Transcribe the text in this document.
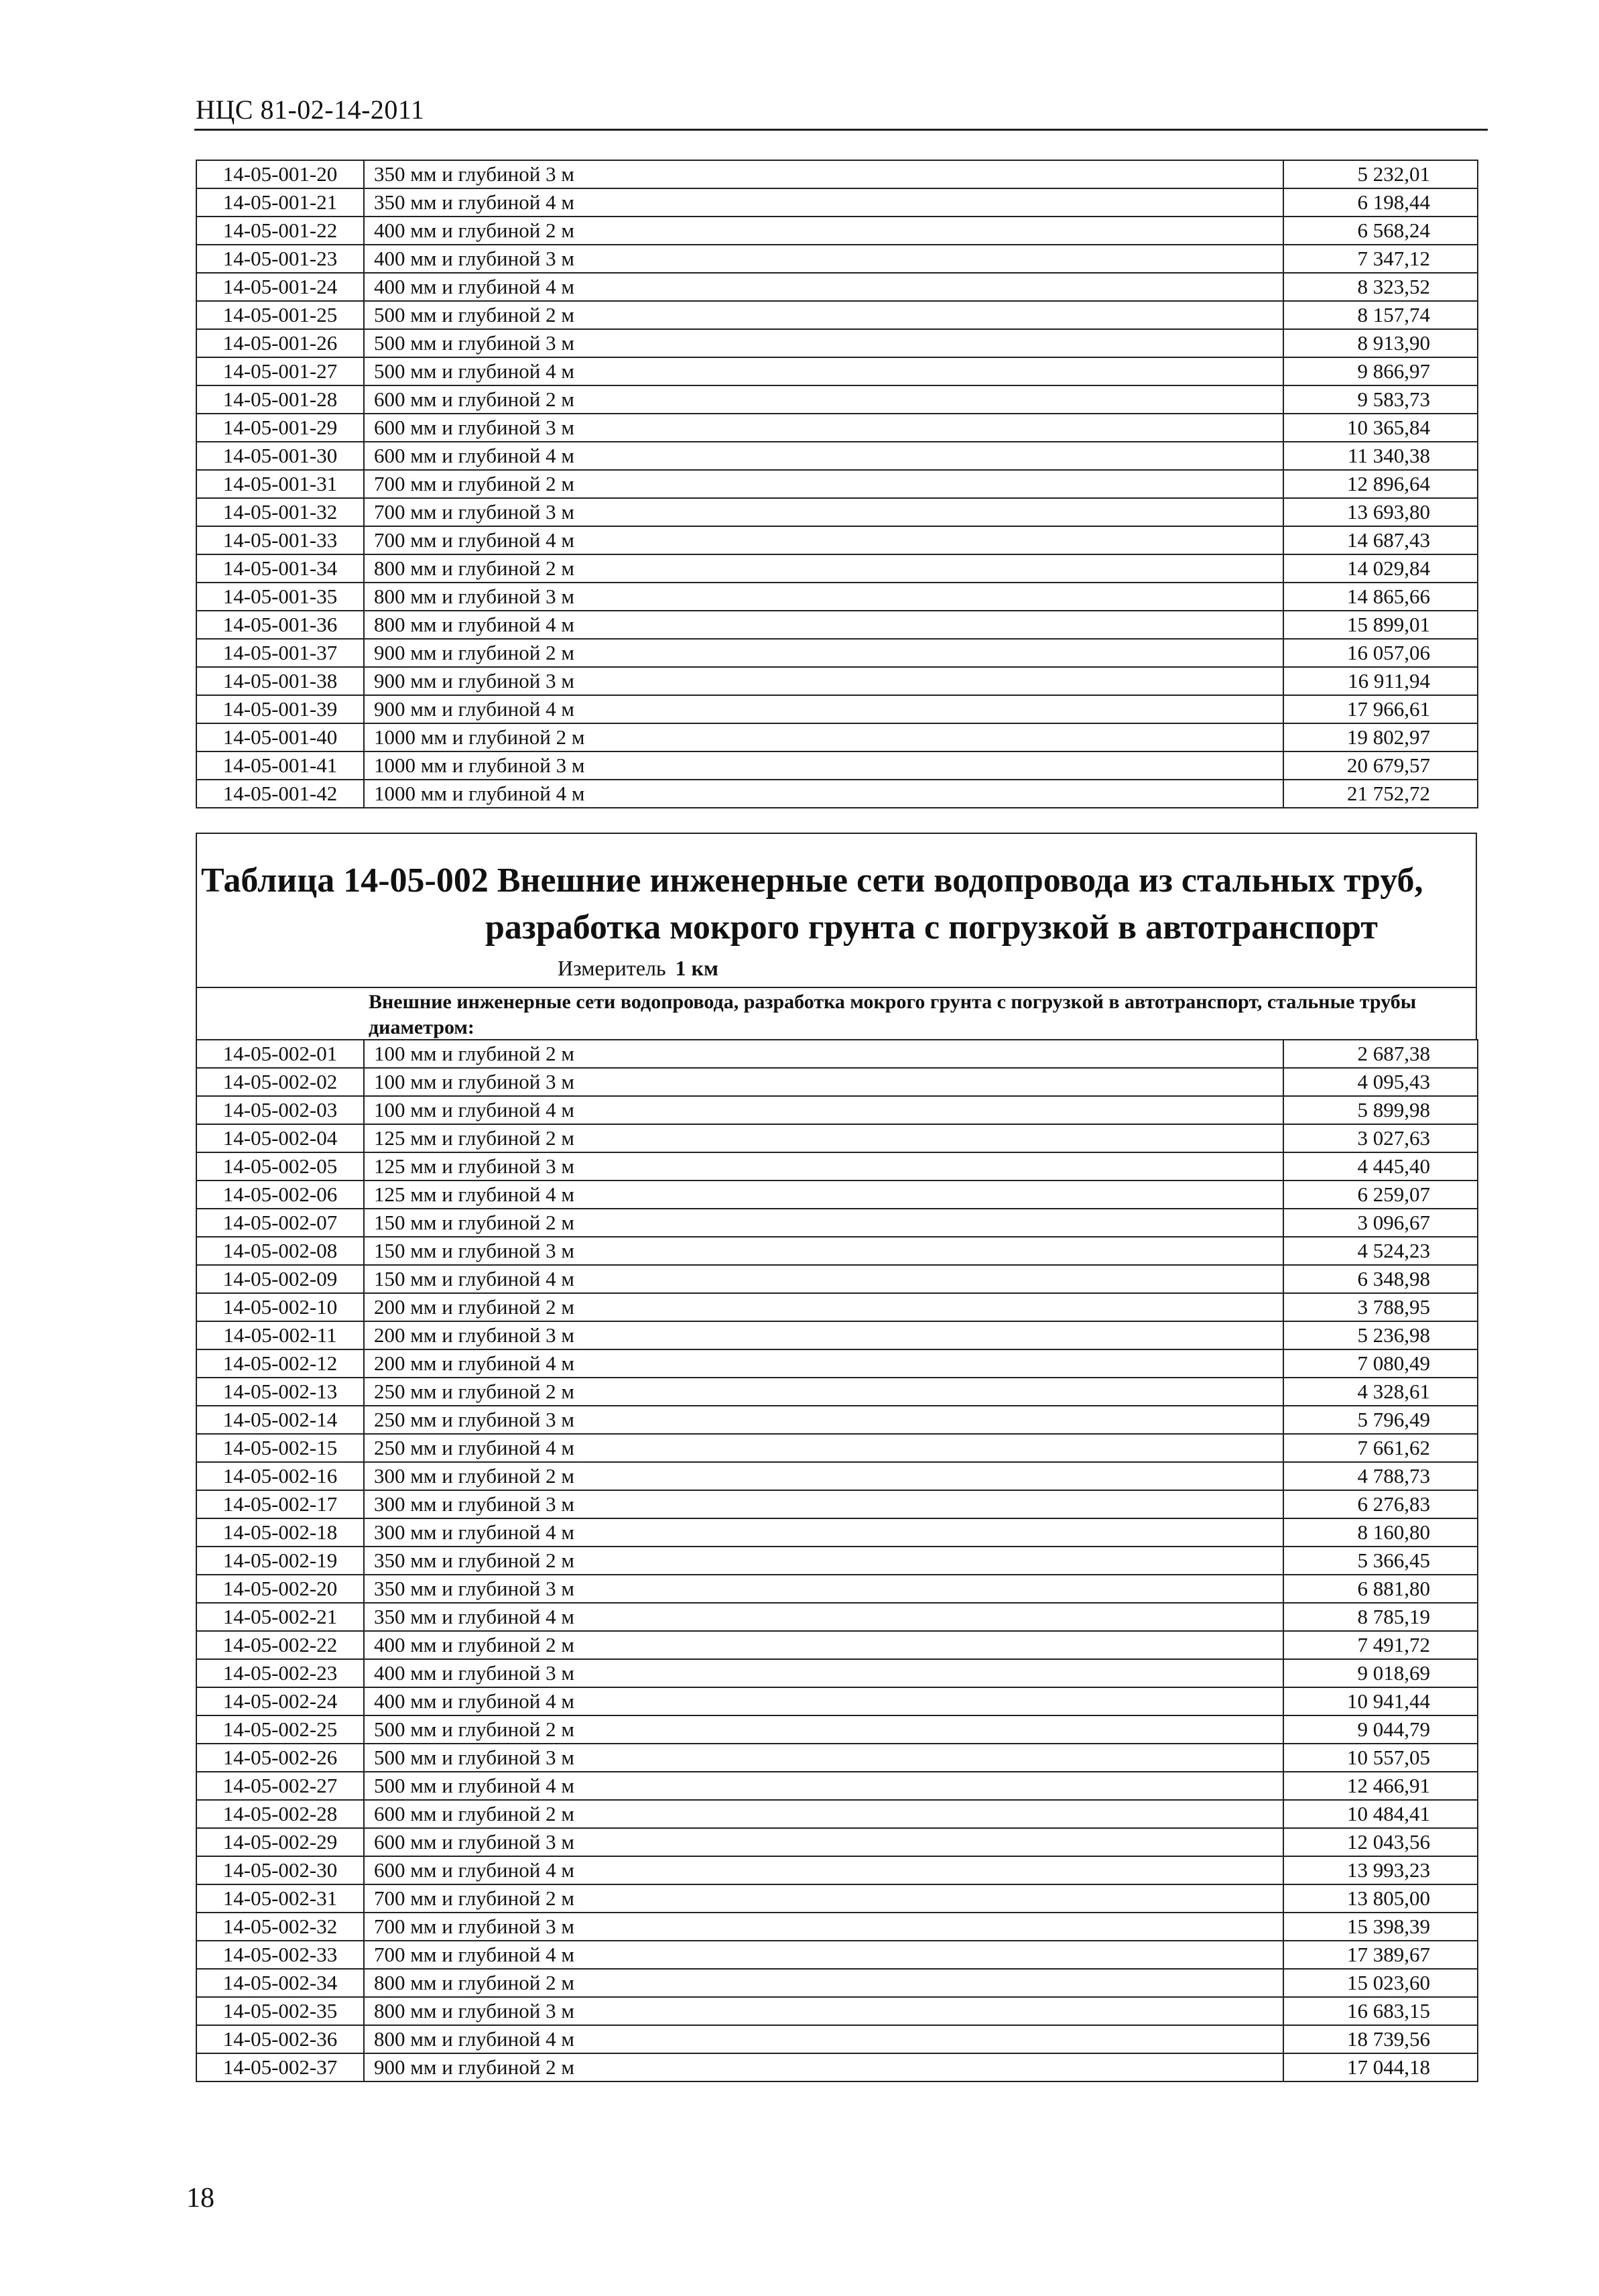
НЦС 81-02-14-2011
14-05-001-20	350 мм и глубиной 3 м	5 232,01
14-05-001-21	350 мм и глубиной 4 м	6 198,44
14-05-001-22	400 мм и глубиной 2 м	6 568,24
14-05-001-23	400 мм и глубиной 3 м	7 347,12
14-05-001-24	400 мм и глубиной 4 м	8 323,52
14-05-001-25	500 мм и глубиной 2 м	8 157,74
14-05-001-26	500 мм и глубиной 3 м	8 913,90
14-05-001-27	500 мм и глубиной 4 м	9 866,97
14-05-001-28	600 мм и глубиной 2 м	9 583,73
14-05-001-29	600 мм и глубиной 3 м	10 365,84
14-05-001-30	600 мм и глубиной 4 м	11 340,38
14-05-001-31	700 мм и глубиной 2 м	12 896,64
14-05-001-32	700 мм и глубиной 3 м	13 693,80
14-05-001-33	700 мм и глубиной 4 м	14 687,43
14-05-001-34	800 мм и глубиной 2 м	14 029,84
14-05-001-35	800 мм и глубиной 3 м	14 865,66
14-05-001-36	800 мм и глубиной 4 м	15 899,01
14-05-001-37	900 мм и глубиной 2 м	16 057,06
14-05-001-38	900 мм и глубиной 3 м	16 911,94
14-05-001-39	900 мм и глубиной 4 м	17 966,61
14-05-001-40	1000 мм и глубиной 2 м	19 802,97
14-05-001-41	1000 мм и глубиной 3 м	20 679,57
14-05-001-42	1000 мм и глубиной 4 м	21 752,72
Таблица 14-05-002 Внешние инженерные сети водопровода из стальных труб,
разработка мокрого грунта с погрузкой в автотранспорт
Измеритель 1 км
Внешние инженерные сети водопровода, разработка мокрого грунта с погрузкой в автотранспорт, стальные трубы диаметром:
14-05-002-01	100 мм и глубиной 2 м	2 687,38
14-05-002-02	100 мм и глубиной 3 м	4 095,43
14-05-002-03	100 мм и глубиной 4 м	5 899,98
14-05-002-04	125 мм и глубиной 2 м	3 027,63
14-05-002-05	125 мм и глубиной 3 м	4 445,40
14-05-002-06	125 мм и глубиной 4 м	6 259,07
14-05-002-07	150 мм и глубиной 2 м	3 096,67
14-05-002-08	150 мм и глубиной 3 м	4 524,23
14-05-002-09	150 мм и глубиной 4 м	6 348,98
14-05-002-10	200 мм и глубиной 2 м	3 788,95
14-05-002-11	200 мм и глубиной 3 м	5 236,98
14-05-002-12	200 мм и глубиной 4 м	7 080,49
14-05-002-13	250 мм и глубиной 2 м	4 328,61
14-05-002-14	250 мм и глубиной 3 м	5 796,49
14-05-002-15	250 мм и глубиной 4 м	7 661,62
14-05-002-16	300 мм и глубиной 2 м	4 788,73
14-05-002-17	300 мм и глубиной 3 м	6 276,83
14-05-002-18	300 мм и глубиной 4 м	8 160,80
14-05-002-19	350 мм и глубиной 2 м	5 366,45
14-05-002-20	350 мм и глубиной 3 м	6 881,80
14-05-002-21	350 мм и глубиной 4 м	8 785,19
14-05-002-22	400 мм и глубиной 2 м	7 491,72
14-05-002-23	400 мм и глубиной 3 м	9 018,69
14-05-002-24	400 мм и глубиной 4 м	10 941,44
14-05-002-25	500 мм и глубиной 2 м	9 044,79
14-05-002-26	500 мм и глубиной 3 м	10 557,05
14-05-002-27	500 мм и глубиной 4 м	12 466,91
14-05-002-28	600 мм и глубиной 2 м	10 484,41
14-05-002-29	600 мм и глубиной 3 м	12 043,56
14-05-002-30	600 мм и глубиной 4 м	13 993,23
14-05-002-31	700 мм и глубиной 2 м	13 805,00
14-05-002-32	700 мм и глубиной 3 м	15 398,39
14-05-002-33	700 мм и глубиной 4 м	17 389,67
14-05-002-34	800 мм и глубиной 2 м	15 023,60
14-05-002-35	800 мм и глубиной 3 м	16 683,15
14-05-002-36	800 мм и глубиной 4 м	18 739,56
14-05-002-37	900 мм и глубиной 2 м	17 044,18
18
